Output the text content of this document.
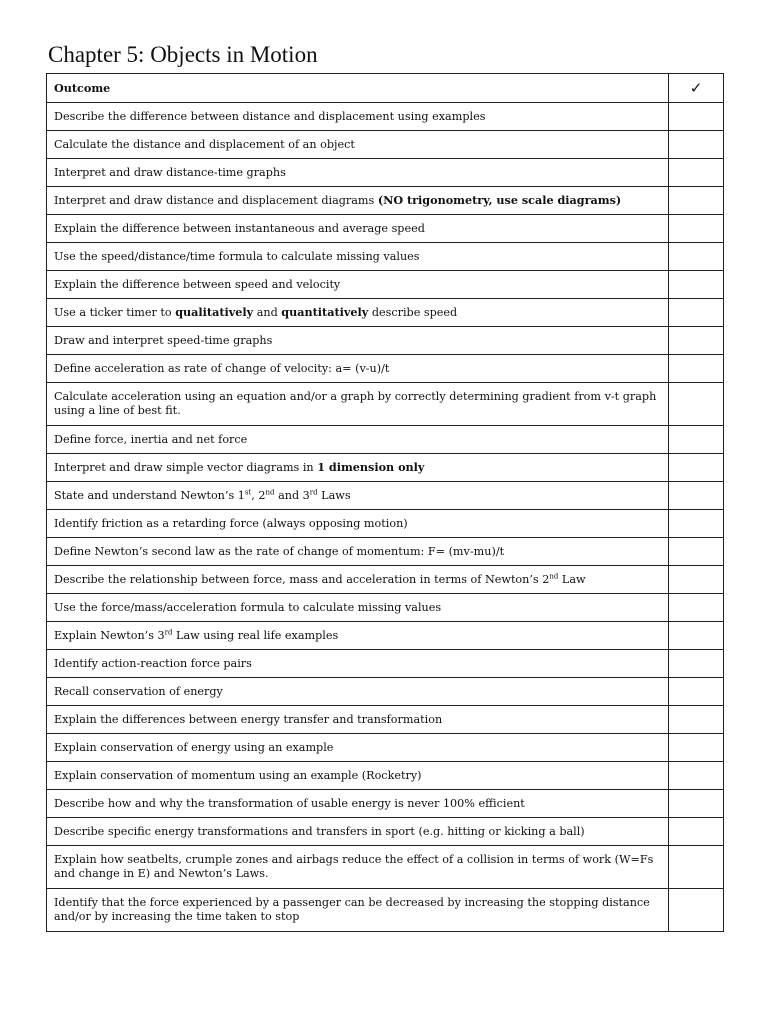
Chapter 5: Objects in Motion
Outcome	✓
Describe the difference between distance and displacement using examples	
Calculate the distance and displacement of an object	
Interpret and draw distance-time graphs	
Interpret and draw distance and displacement diagrams (NO trigonometry, use scale diagrams)	
Explain the difference between instantaneous and average speed	
Use the speed/distance/time formula to calculate missing values	
Explain the difference between speed and velocity	
Use a ticker timer to qualitatively and quantitatively describe speed	
Draw and interpret speed-time graphs	
Define acceleration as rate of change of velocity: a= (v-u)/t	
Calculate acceleration using an equation and/or a graph by correctly determining gradient from v-t graph using a line of best fit.	
Define force, inertia and net force	
Interpret and draw simple vector diagrams in 1 dimension only	
State and understand Newton’s 1st, 2nd and 3rd Laws	
Identify friction as a retarding force (always opposing motion)	
Define Newton’s second law as the rate of change of momentum: F= (mv-mu)/t	
Describe the relationship between force, mass and acceleration in terms of Newton’s 2nd Law	
Use the force/mass/acceleration formula to calculate missing values	
Explain Newton’s 3rd Law using real life examples	
Identify action-reaction force pairs	
Recall conservation of energy	
Explain the differences between energy transfer and transformation	
Explain conservation of energy using an example	
Explain conservation of momentum using an example (Rocketry)	
Describe how and why the transformation of usable energy is never 100% efficient	
Describe specific energy transformations and transfers in sport (e.g. hitting or kicking a ball)	
Explain how seatbelts, crumple zones and airbags reduce the effect of a collision in terms of work (W=Fs and change in E) and Newton’s Laws.	
Identify that the force experienced by a passenger can be decreased by increasing the stopping distance and/or by increasing the time taken to stop	
